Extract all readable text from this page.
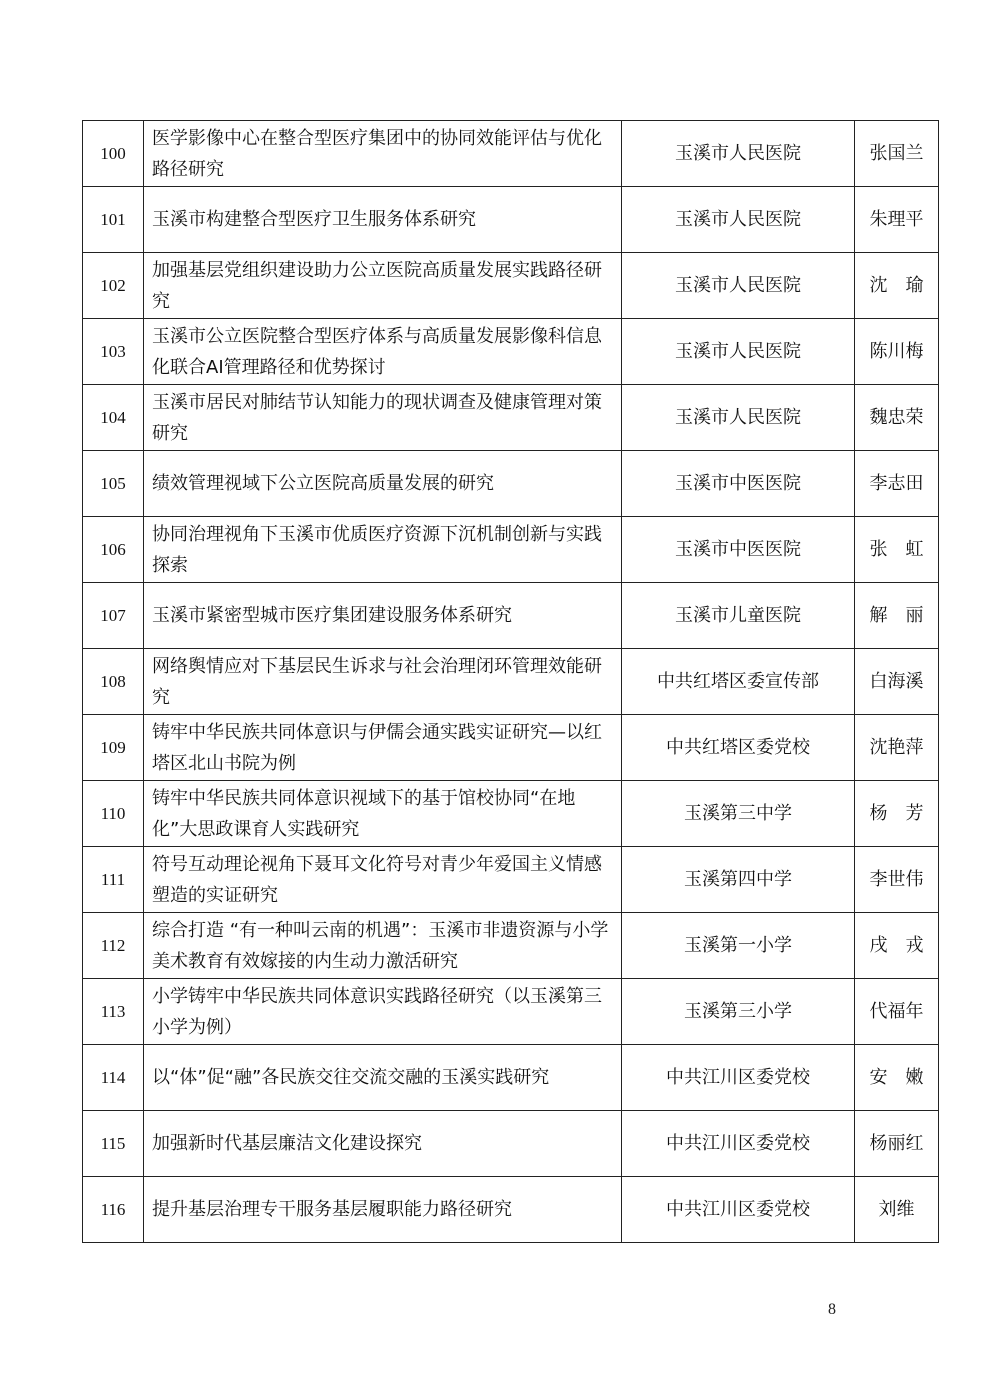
100	医学影像中心在整合型医疗集团中的协同效能评估与优化路径研究	玉溪市人民医院	张国兰
101	玉溪市构建整合型医疗卫生服务体系研究	玉溪市人民医院	朱理平
102	加强基层党组织建设助力公立医院高质量发展实践路径研究	玉溪市人民医院	沈　瑜
103	玉溪市公立医院整合型医疗体系与高质量发展影像科信息化联合AI管理路径和优势探讨	玉溪市人民医院	陈川梅
104	玉溪市居民对肺结节认知能力的现状调查及健康管理对策研究	玉溪市人民医院	魏忠荣
105	绩效管理视域下公立医院高质量发展的研究	玉溪市中医医院	李志田
106	协同治理视角下玉溪市优质医疗资源下沉机制创新与实践探索	玉溪市中医医院	张　虹
107	玉溪市紧密型城市医疗集团建设服务体系研究	玉溪市儿童医院	解　丽
108	网络舆情应对下基层民生诉求与社会治理闭环管理效能研究	中共红塔区委宣传部	白海溪
109	铸牢中华民族共同体意识与伊儒会通实践实证研究—以红塔区北山书院为例	中共红塔区委党校	沈艳萍
110	铸牢中华民族共同体意识视域下的基于馆校协同“在地化”大思政课育人实践研究	玉溪第三中学	杨　芳
111	符号互动理论视角下聂耳文化符号对青少年爱国主义情感塑造的实证研究	玉溪第四中学	李世伟
112	综合打造 “有一种叫云南的机遇”：玉溪市非遗资源与小学美术教育有效嫁接的内生动力激活研究	玉溪第一小学	戌　戎
113	小学铸牢中华民族共同体意识实践路径研究（以玉溪第三小学为例）	玉溪第三小学	代福年
114	以“体”促“融”各民族交往交流交融的玉溪实践研究	中共江川区委党校	安　嫩
115	加强新时代基层廉洁文化建设探究	中共江川区委党校	杨丽红
116	提升基层治理专干服务基层履职能力路径研究	中共江川区委党校	刘维
8
